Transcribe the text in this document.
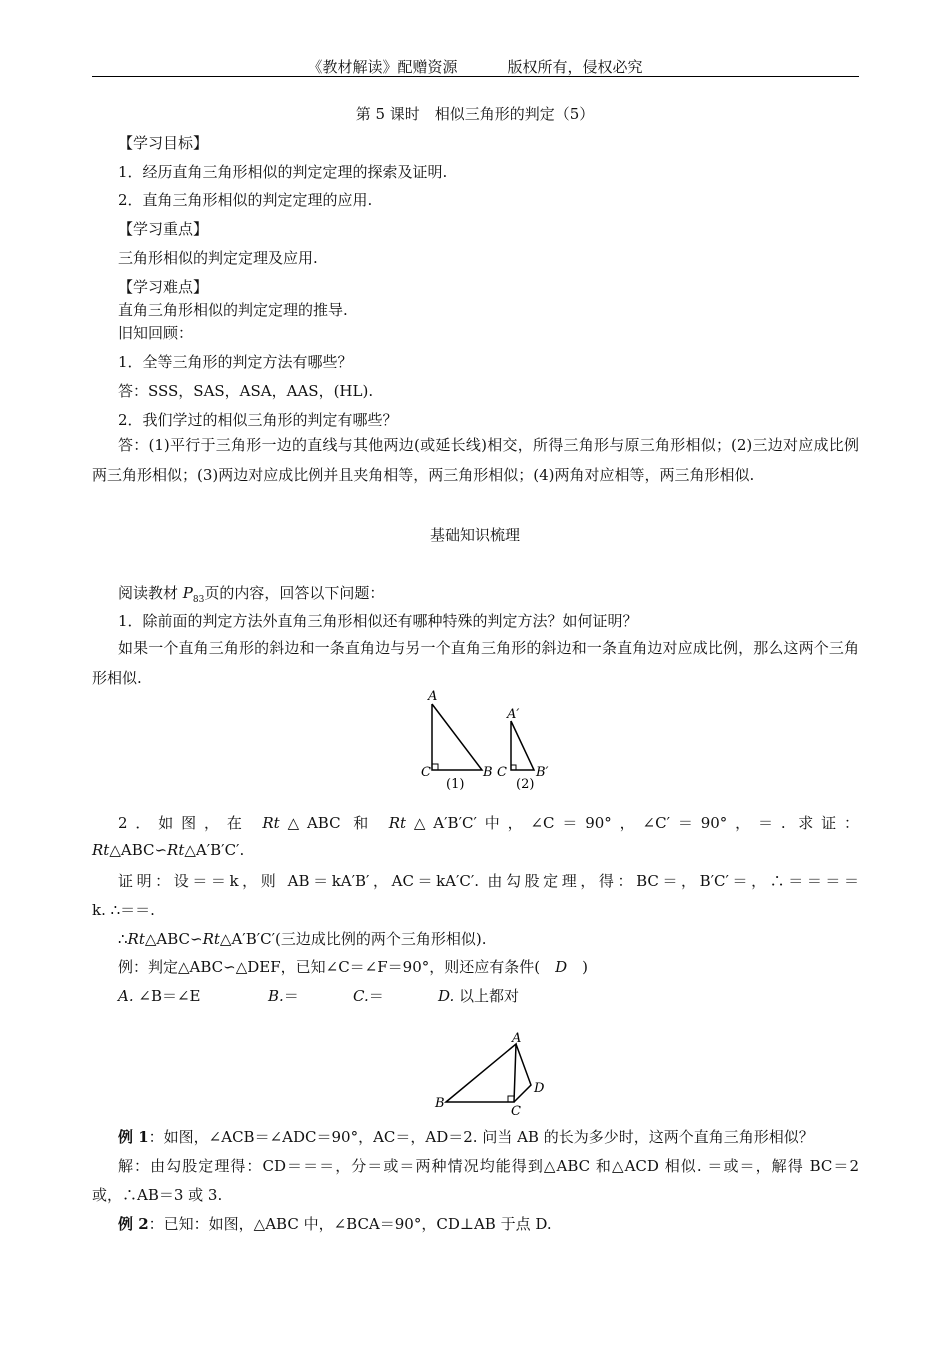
《教材解读》配赠资源	版权所有，侵权必究
第 5 课时　相似三角形的判定（5）
【学习目标】
1．经历直角三角形相似的判定定理的探索及证明.
2．直角三角形相似的判定定理的应用.
【学习重点】
三角形相似的判定定理及应用.
【学习难点】
直角三角形相似的判定定理的推导.
旧知回顾：
1．全等三角形的判定方法有哪些？
答：SSS，SAS，ASA，AAS，(HL).
2．我们学过的相似三角形的判定有哪些？
答：(1)平行于三角形一边的直线与其他两边(或延长线)相交，所得三角形与原三角形相似；(2)三边对应成比例两三角形相似；(3)两边对应成比例并且夹角相等，两三角形相似；(4)两角对应相等，两三角形相似.
基础知识梳理
阅读教材 $P_{83}$页的内容，回答以下问题：
1．除前面的判定方法外直角三角形相似还有哪种特殊的判定方法？如何证明？
如果一个直角三角形的斜边和一条直角边与另一个直角三角形的斜边和一条直角边对应成比例，那么这两个三角形相似.
A
C	B
(1)
A′
C B′
(2)
2．如图，在 Rt△ABC 和 Rt△A′B′C′中，∠C＝90°，∠C′＝90°，＝. 求证：
Rt△ABC∽Rt△A′B′C′.
证明：设＝＝k，则 AB＝kA′B′，AC＝kA′C′. 由勾股定理，得：BC＝，B′C′＝，∴＝＝＝＝
k. ∴＝＝.
∴Rt△ABC∽Rt△A′B′C′(三边成比例的两个三角形相似).
例：判定△ABC∽△DEF，已知∠C＝∠F＝90°，则还应有条件(　D　)
A. ∠B＝∠E	B.＝	C.＝	D. 以上都对
A
B
C
D
例 1：如图，∠ACB＝∠ADC＝90°，AC＝，AD＝2. 问当 AB 的长为多少时，这两个直角三角形相似？
解：由勾股定理得：CD＝＝＝，分＝或＝两种情况均能得到△ABC 和△ACD 相似. ＝或＝，解得 BC＝2
或，∴AB＝3 或 3.
例 2：已知：如图，△ABC 中，∠BCA＝90°，CD⊥AB 于点 D.
